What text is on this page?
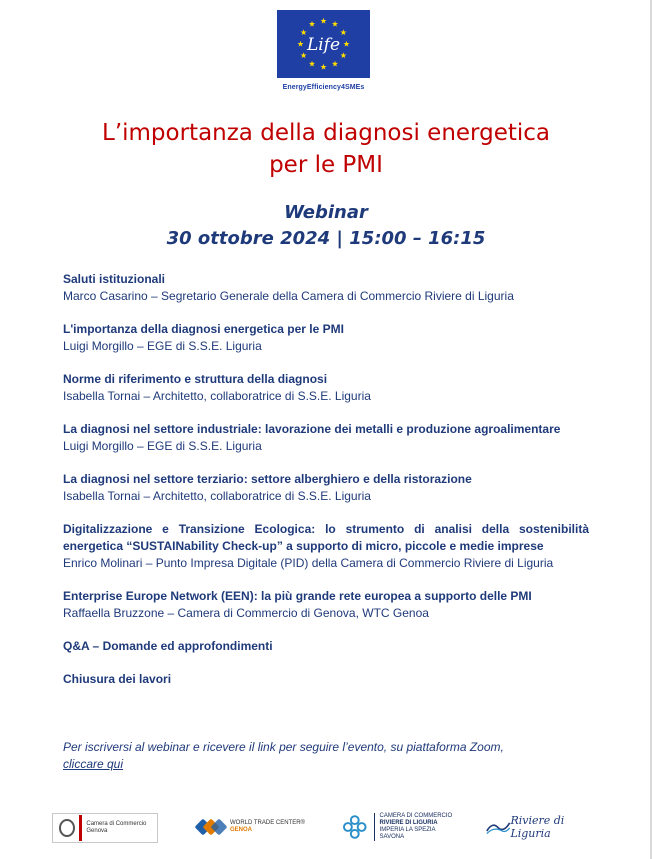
Life
EnergyEfficiency4SMEs
L’importanza della diagnosi energetica
per le PMI
Webinar
30 ottobre 2024 | 15:00 – 16:15
Saluti istituzionali
Marco Casarino – Segretario Generale della Camera di Commercio Riviere di Liguria
L'importanza della diagnosi energetica per le PMI
Luigi Morgillo – EGE di S.S.E. Liguria
Norme di riferimento e struttura della diagnosi
Isabella Tornai – Architetto, collaboratrice di S.S.E. Liguria
La diagnosi nel settore industriale: lavorazione dei metalli e produzione agroalimentare
Luigi Morgillo – EGE di S.S.E. Liguria
La diagnosi nel settore terziario: settore alberghiero e della ristorazione
Isabella Tornai – Architetto, collaboratrice di S.S.E. Liguria
Digitalizzazione e Transizione Ecologica: lo strumento di analisi della sostenibilità energetica “SUSTAINability Check-up” a supporto di micro, piccole e medie imprese
Enrico Molinari – Punto Impresa Digitale (PID) della Camera di Commercio Riviere di Liguria
Enterprise Europe Network (EEN): la più grande rete europea a supporto delle PMI
Raffaella Bruzzone – Camera di Commercio di Genova, WTC Genoa
Q&A – Domande ed approfondimenti
Chiusura dei lavori
Per iscriversi al webinar e ricevere il link per seguire l’evento, su piattaforma Zoom,
cliccare qui
Camera di Commercio Genova
WORLD TRADE CENTER®
GENOA
CAMERA DI COMMERCIO
RIVIERE DI LIGURIA
IMPERIA LA SPEZIA SAVONA
Riviere di Liguria
